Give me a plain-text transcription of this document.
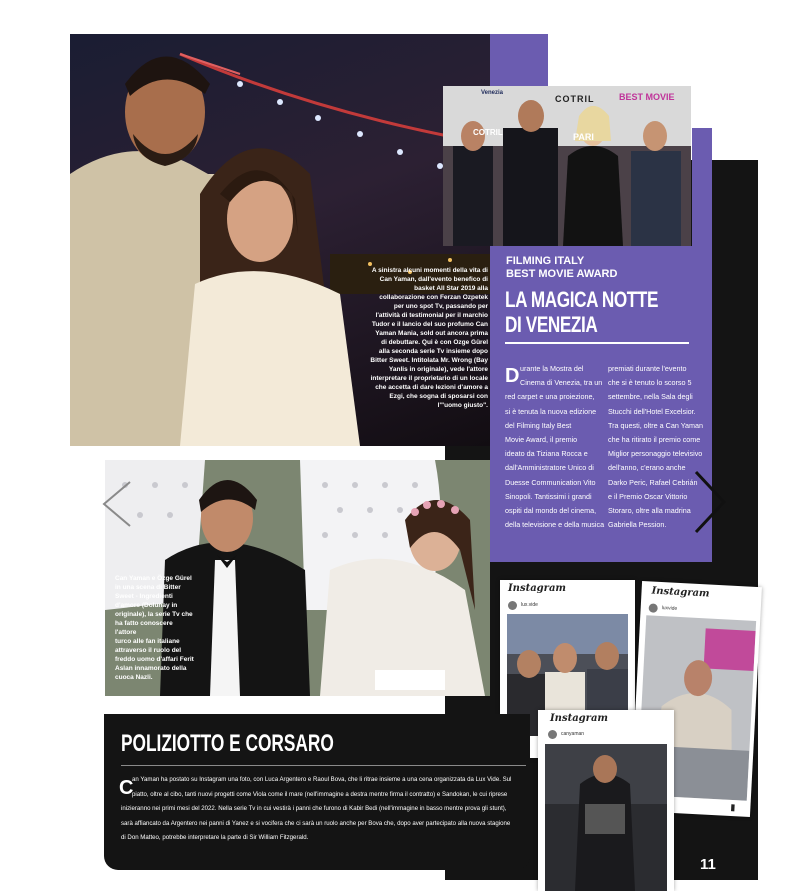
A sinistra alcuni momenti della vita di Can Yaman, dall'evento benefico di basket All Star 2019 alla collaborazione con Ferzan Ozpetek per uno spot Tv, passando per l'attività di testimonial per il marchio Tudor e il lancio del suo profumo Can Yaman Mania, sold out ancora prima di debuttare. Qui è con Ozge Gürel alla seconda serie Tv insieme dopo Bitter Sweet. Intitolata Mr. Wrong (Bay Yanlis in originale), vede l'attore interpretare il proprietario di un locale che accetta di dare lezioni d'amore a Ezgi, che sogna di sposarsi con l'"uomo giusto".
Venezia
COTRIL	BEST MOVIE
COTRIL	PARI
FILMING ITALY
BEST MOVIE AWARD
LA MAGICA NOTTE
DI VENEZIA
D urante la Mostra del
Cinema di Venezia, tra un
red carpet e una proiezione,
si è tenuta la nuova edizione
del Filming Italy Best
Movie Award, il premio
ideato da Tiziana Rocca e
dall'Amministratore Unico di
Duesse Communication Vito
Sinopoli. Tantissimi i grandi
ospiti dal mondo del cinema,
della televisione e della musica
premiati durante l'evento
che si è tenuto lo scorso 5
settembre, nella Sala degli
Stucchi dell'Hotel Excelsior.
Tra questi, oltre a Can Yaman
che ha ritirato il premio come
Miglior personaggio televisivo
dell'anno, c'erano anche
Darko Peric, Rafael Cebrián
e il Premio Oscar Vittorio
Storaro, oltre alla madrina
Gabriella Pession.
Can Yaman e Özge Gürel
in una scena di Bitter
Sweet - Ingredienti
d'amore (Dolunay in
originale), la serie Tv che
ha fatto conoscere l'attore
turco alle fan italiane
attraverso il ruolo del
freddo uomo d'affari Ferit
Aslan innamorato della
cuoca Nazli.
Instagram
lux.vide
Instagram
luxvide
▮
Instagram
canyaman
POLIZIOTTO E CORSARO
C
an Yaman ha postato su Instagram una foto, con Luca Argentero e Raoul Bova, che li ritrae insieme a una cena organizzata da Lux Vide. Sul
piatto, oltre al cibo, tanti nuovi progetti come Viola come il mare (nell'immagine a destra mentre firma il contratto) e Sandokan, le cui riprese
inizieranno nei primi mesi del 2022. Nella serie Tv in cui vestirà i panni che furono di Kabir Bedi (nell'immagine in basso mentre prova gli stunt),
sarà affiancato da Argentero nei panni di Yanez e si vociferа che ci sarà un ruolo anche per Bova che, dopo aver partecipato alla nuova stagione
di Don Matteo, potrebbe interpretare la parte di Sir William Fitzgerald.
11
